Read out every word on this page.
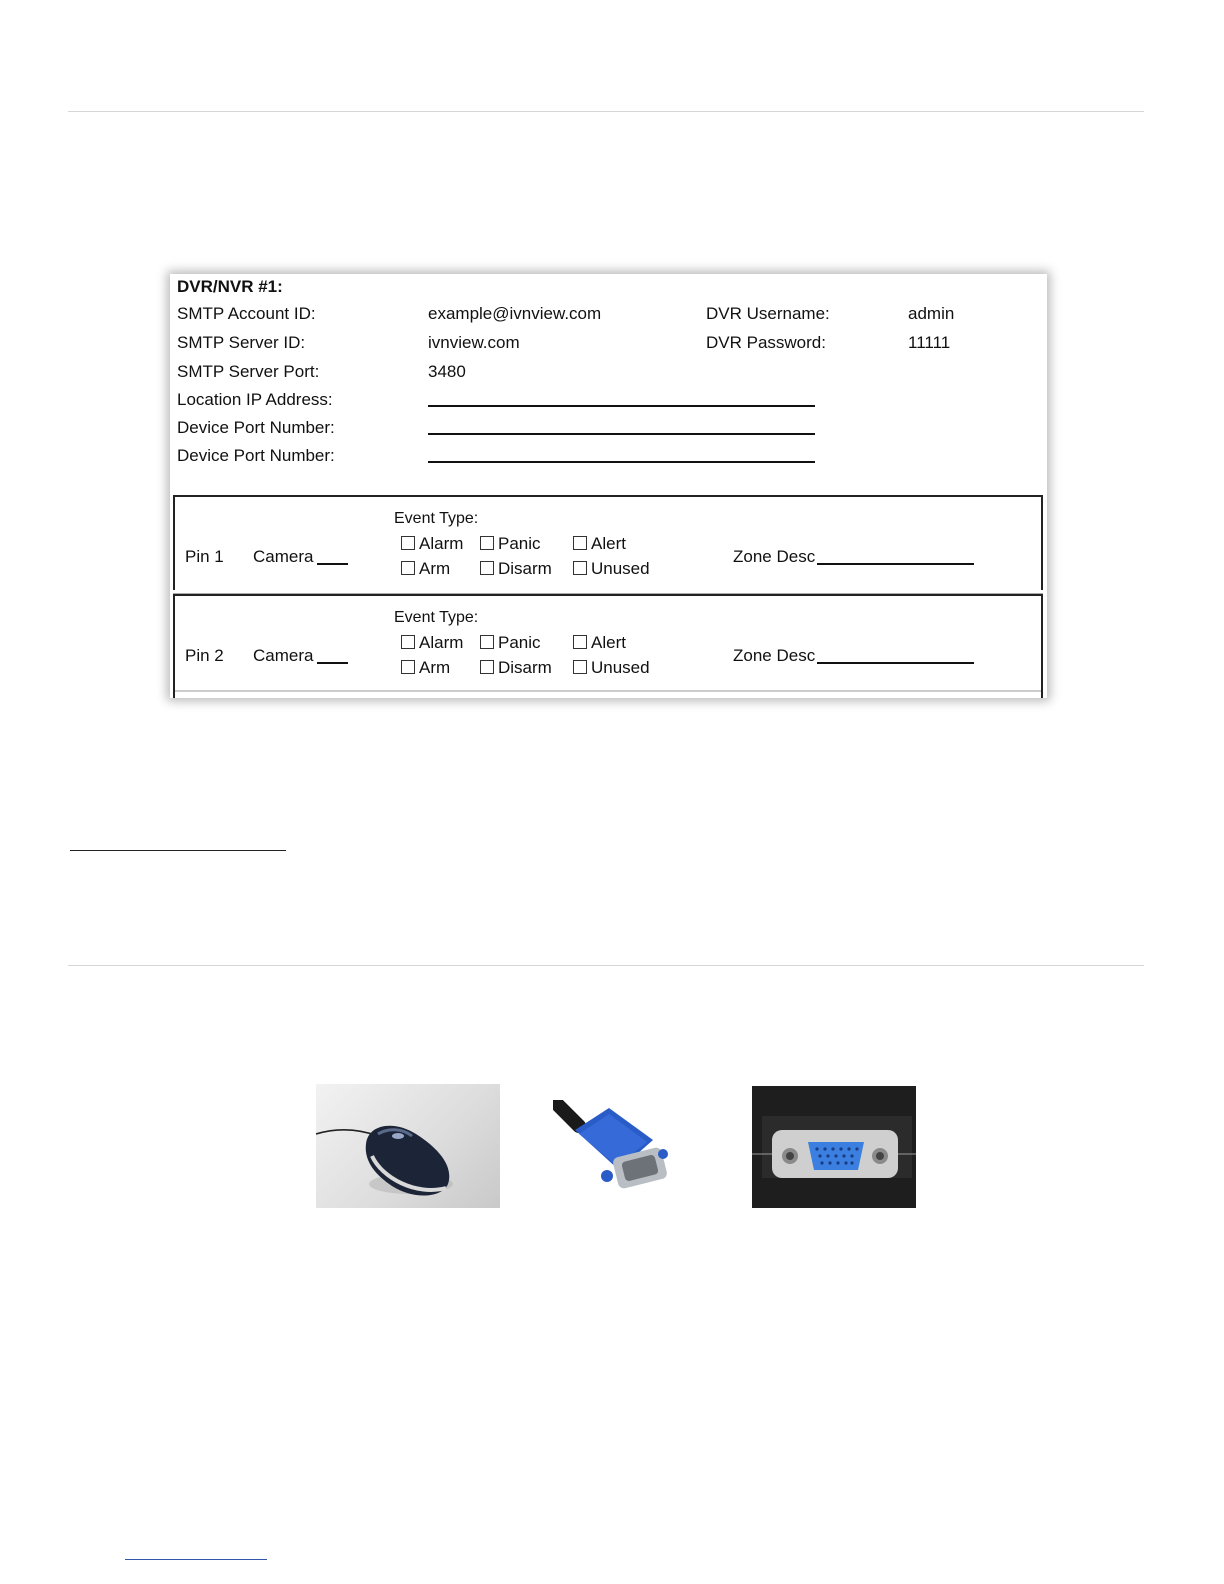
DVR/NVR #1:
SMTP Account ID:	example@ivnview.com	DVR Username:	admin
SMTP Server ID:	ivnview.com	DVR Password:	11111
SMTP Server Port:	3480
Location IP Address:
Device Port Number:
Device Port Number:
Pin 1 Camera
Event Type:
Alarm	Panic	Alert
Arm	Disarm	Unused
Zone Desc
Pin 2 Camera
Event Type:
Alarm	Panic	Alert
Arm	Disarm	Unused
Zone Desc
